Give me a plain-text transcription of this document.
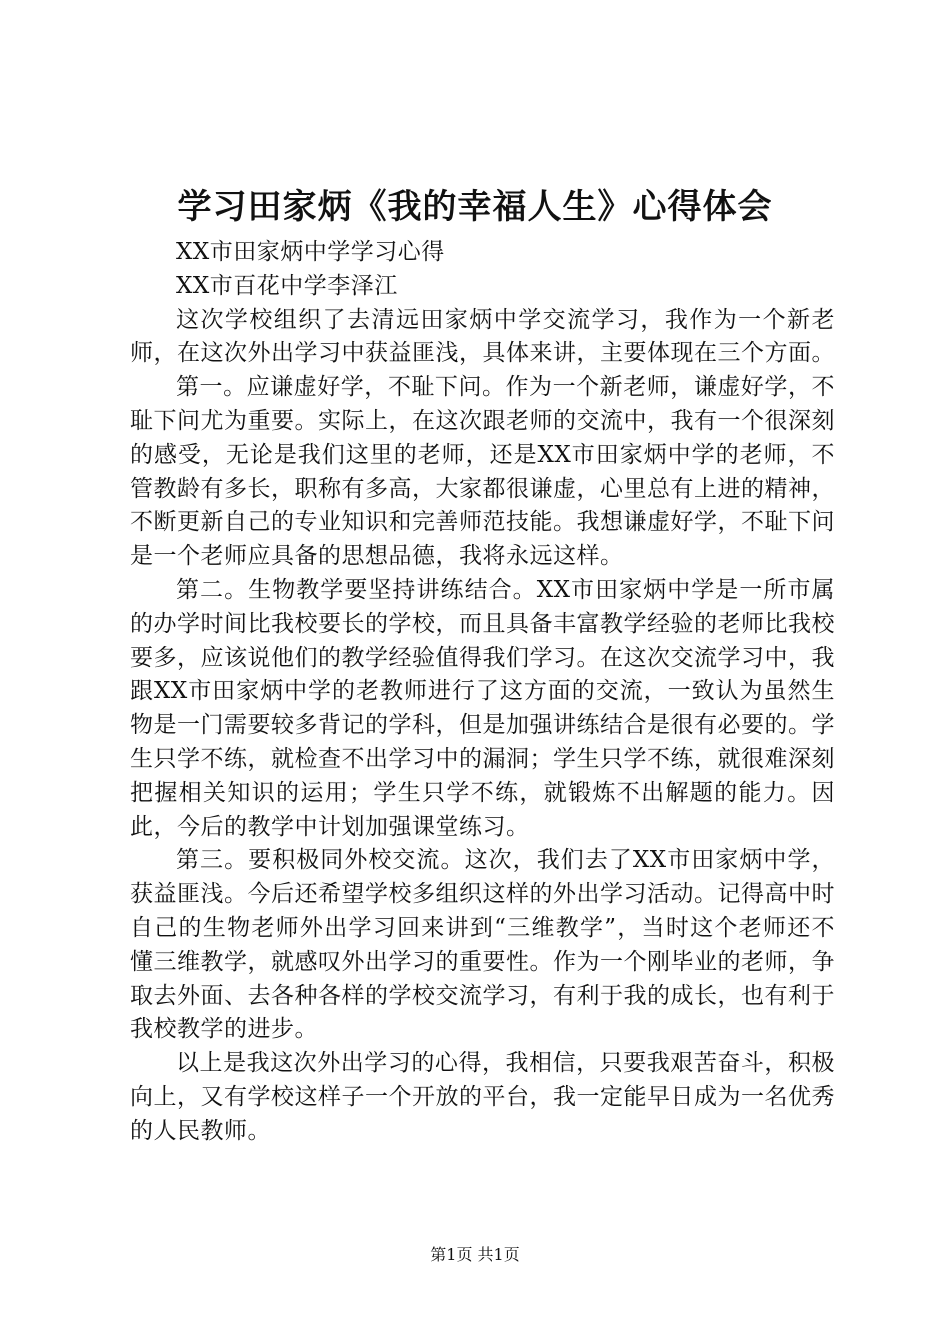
学习田家炳《我的幸福人生》心得体会

XX市田家炳中学学习心得

XX市百花中学李泽江

这次学校组织了去清远田家炳中学交流学习，我作为一个新老师，在这次外出学习中获益匪浅，具体来讲，主要体现在三个方面。

第一。应谦虚好学，不耻下问。作为一个新老师，谦虚好学，不耻下问尤为重要。实际上，在这次跟老师的交流中，我有一个很深刻的感受，无论是我们这里的老师，还是XX市田家炳中学的老师，不管教龄有多长，职称有多高，大家都很谦虚，心里总有上进的精神，不断更新自己的专业知识和完善师范技能。我想谦虚好学，不耻下问是一个老师应具备的思想品德，我将永远这样。

第二。生物教学要坚持讲练结合。XX市田家炳中学是一所市属的办学时间比我校要长的学校，而且具备丰富教学经验的老师比我校要多，应该说他们的教学经验值得我们学习。在这次交流学习中，我跟XX市田家炳中学的老教师进行了这方面的交流，一致认为虽然生物是一门需要较多背记的学科，但是加强讲练结合是很有必要的。学生只学不练，就检查不出学习中的漏洞；学生只学不练，就很难深刻把握相关知识的运用；学生只学不练，就锻炼不出解题的能力。因此，今后的教学中计划加强课堂练习。

第三。要积极同外校交流。这次，我们去了XX市田家炳中学，获益匪浅。今后还希望学校多组织这样的外出学习活动。记得高中时自己的生物老师外出学习回来讲到“三维教学”，当时这个老师还不懂三维教学，就感叹外出学习的重要性。作为一个刚毕业的老师，争取去外面、去各种各样的学校交流学习，有利于我的成长，也有利于我校教学的进步。

以上是我这次外出学习的心得，我相信，只要我艰苦奋斗，积极向上，又有学校这样子一个开放的平台，我一定能早日成为一名优秀的人民教师。

第1页 共1页
